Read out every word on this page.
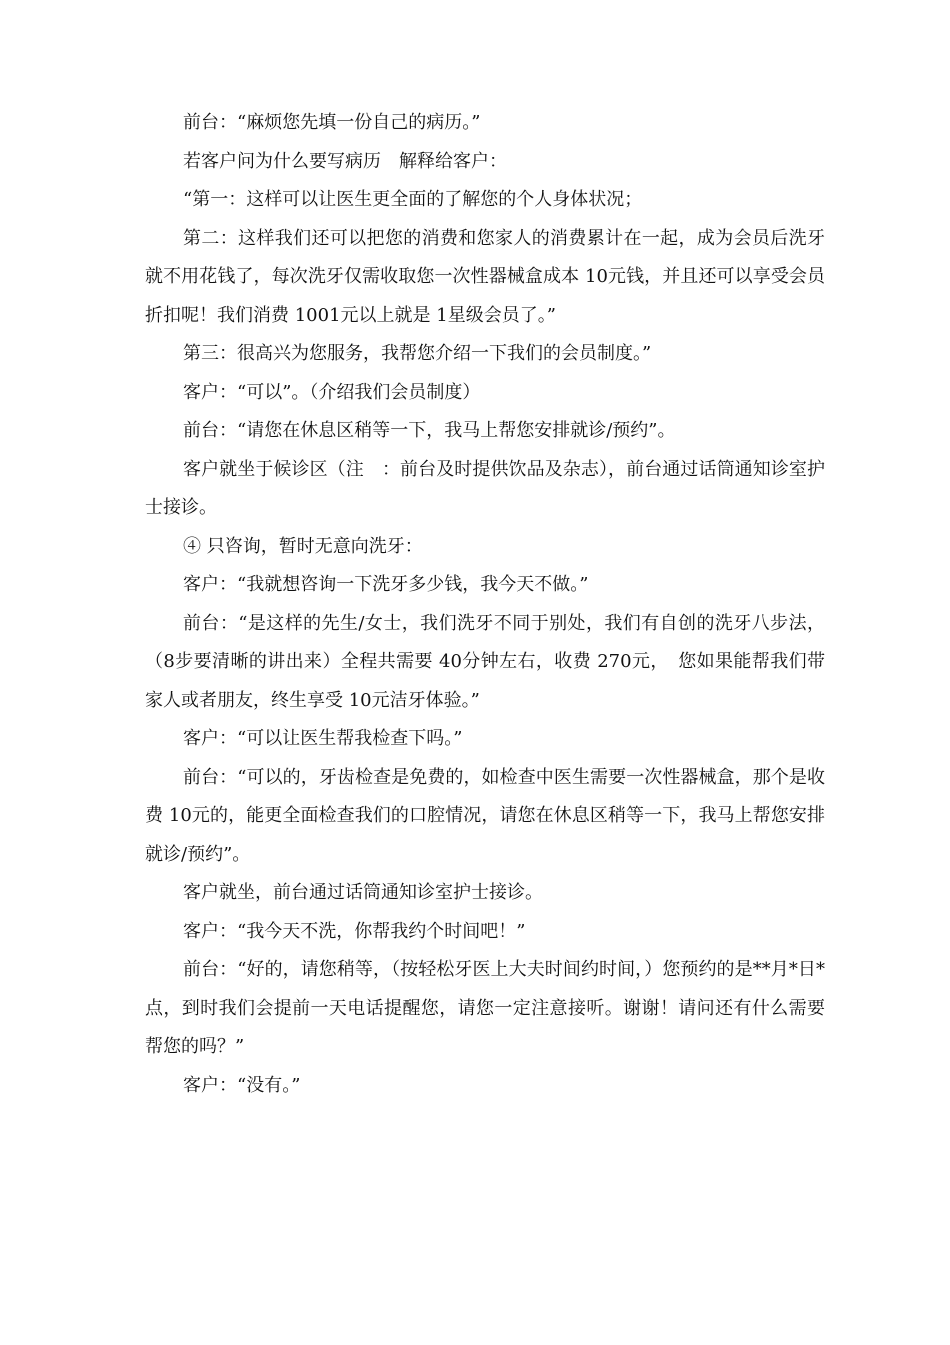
前台：“麻烦您先填一份自己的病历。”

若客户问为什么要写病历　解释给客户：

“第一：这样可以让医生更全面的了解您的个人身体状况；

第二：这样我们还可以把您的消费和您家人的消费累计在一起，成为会员后洗牙就不用花钱了，每次洗牙仅需收取您一次性器械盒成本 10元钱，并且还可以享受会员折扣呢！我们消费 1001元以上就是 1星级会员了。”

第三：很高兴为您服务，我帮您介绍一下我们的会员制度。”

客户：“可以”。（介绍我们会员制度）

前台：“请您在休息区稍等一下，我马上帮您安排就诊/预约”。

客户就坐于候诊区（注　：前台及时提供饮品及杂志），前台通过话筒通知诊室护士接诊。

④ 只咨询，暂时无意向洗牙：

客户：“我就想咨询一下洗牙多少钱，我今天不做。”

前台：“是这样的先生/女士，我们洗牙不同于别处，我们有自创的洗牙八步法，（8步要清晰的讲出来）全程共需要 40分钟左右，收费 270元，　您如果能帮我们带家人或者朋友，终生享受 10元洁牙体验。”

客户：“可以让医生帮我检查下吗。”

前台：“可以的，牙齿检查是免费的，如检查中医生需要一次性器械盒，那个是收费 10元的，能更全面检查我们的口腔情况，请您在休息区稍等一下，我马上帮您安排就诊/预约”。

客户就坐，前台通过话筒通知诊室护士接诊。

客户：“我今天不洗，你帮我约个时间吧！”

前台：“好的，请您稍等，（按轻松牙医上大夫时间约时间，）您预约的是**月*日*点，到时我们会提前一天电话提醒您，请您一定注意接听。谢谢！请问还有什么需要帮您的吗？”

客户：“没有。”
